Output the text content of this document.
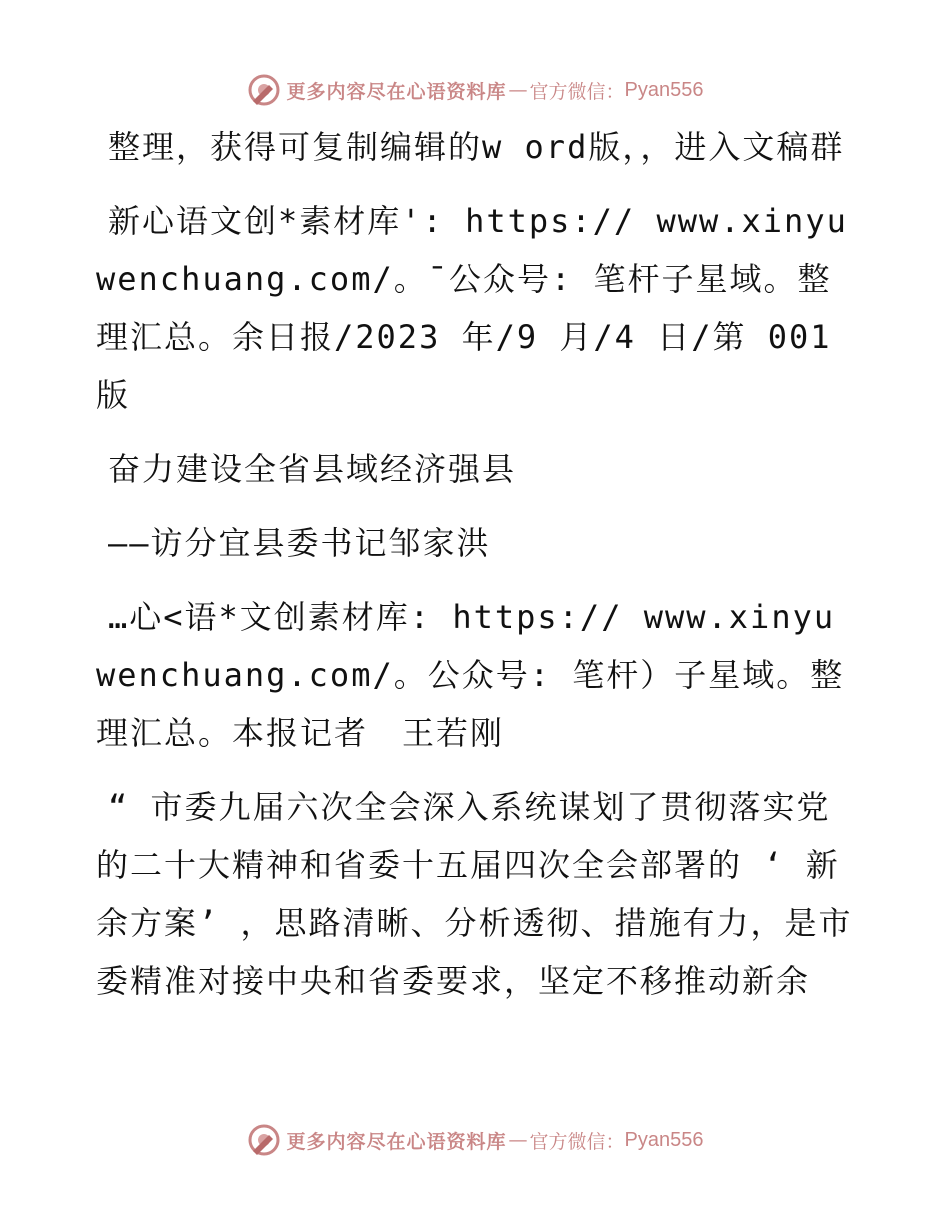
更多内容尽在心语资料库 — 官方微信： Pyan556

整理，获得可复制编辑的w ord版，，进入文稿群

新心语文创*素材库': https:// www.xinyuwenchuang.com/。¯公众号: 笔杆子星域。整理汇总。余日报/2023 年/9 月/4 日/第 001 版

奋力建设全省县域经济强县

——访分宜县委书记邹家洪

…心<语*文创素材库: https:// www.xinyuwenchuang.com/。公众号: 笔杆）子星域。整理汇总。本报记者　王若刚

“ 市委九届六次全会深入系统谋划了贯彻落实党的二十大精神和省委十五届四次全会部署的 ‘ 新余方案’ ，思路清晰、分析透彻、措施有力，是市委精准对接中央和省委要求，坚定不移推动新余

更多内容尽在心语资料库 — 官方微信： Pyan556
